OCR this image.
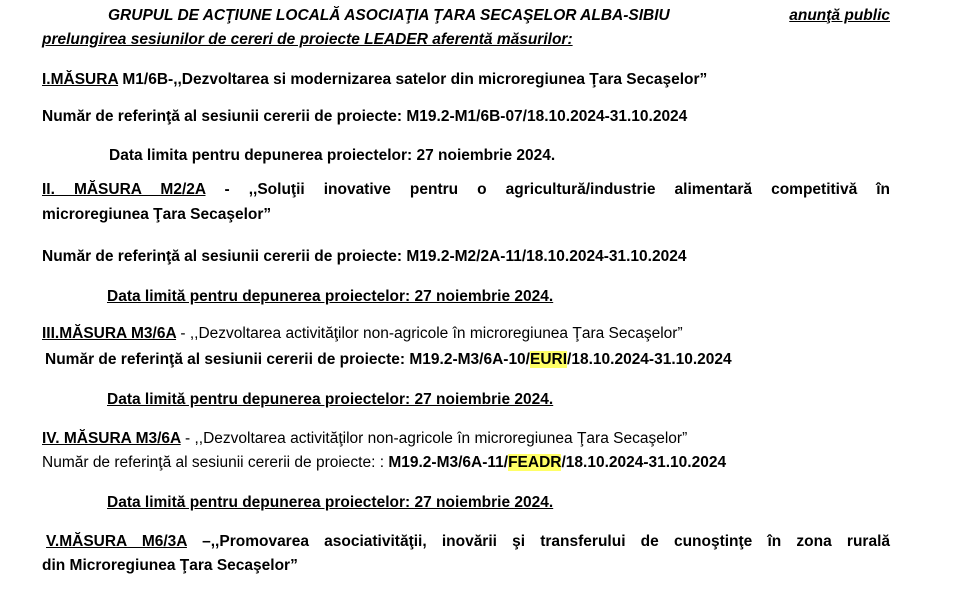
GRUPUL DE ACŢIUNE LOCALĂ ASOCIAŢIA ŢARA SECAŞELOR ALBA-SIBIU	anunţă public
prelungirea sesiunilor de cereri de proiecte LEADER aferentă măsurilor:
I.MĂSURA M1/6B-,,Dezvoltarea si modernizarea satelor din microregiunea Ţara Secaşelor”
Număr de referinţă al sesiunii cererii de proiecte: M19.2-M1/6B-07/18.10.2024-31.10.2024
Data limita pentru depunerea proiectelor: 27 noiembrie 2024.
II. MĂSURA M2/2A - ,,Soluţii inovative pentru o agricultură/industrie alimentară competitivă în
microregiunea Ţara Secaşelor”
Număr de referinţă al sesiunii cererii de proiecte: M19.2-M2/2A-11/18.10.2024-31.10.2024
Data limită pentru depunerea proiectelor: 27 noiembrie 2024.
III.MĂSURA M3/6A - ,,Dezvoltarea activităţilor non-agricole în microregiunea Ţara Secaşelor”
Număr de referinţă al sesiunii cererii de proiecte: M19.2-M3/6A-10/EURI/18.10.2024-31.10.2024
Data limită pentru depunerea proiectelor: 27 noiembrie 2024.
IV. MĂSURA M3/6A - ,,Dezvoltarea activităţilor non-agricole în microregiunea Ţara Secaşelor”
Număr de referinţă al sesiunii cererii de proiecte: : M19.2-M3/6A-11/FEADR/18.10.2024-31.10.2024
Data limită pentru depunerea proiectelor: 27 noiembrie 2024.
V.MĂSURA M6/3A –,,Promovarea asociativităţii, inovării şi transferului de cunoştinţe în zona rurală
din Microregiunea Ţara Secaşelor”
